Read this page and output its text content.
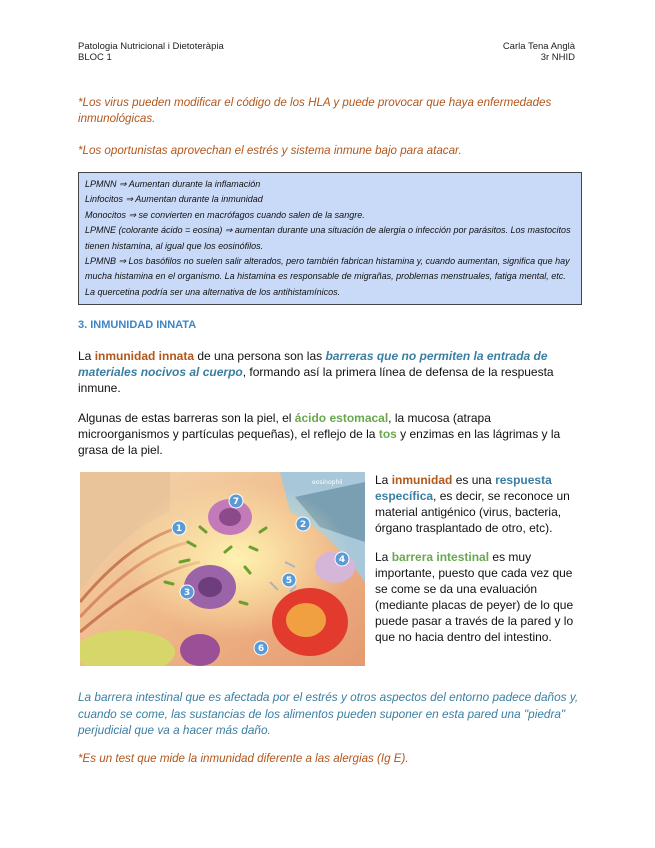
Patologia Nutricional i Dietoteràpia
BLOC 1
Carla Tena Anglà
3r NHID
*Los virus pueden modificar el código de los HLA y puede provocar que haya enfermedades inmunológicas.
*Los oportunistas aprovechan el estrés y sistema inmune bajo para atacar.
LPMNN ⇒ Aumentan durante la inflamación
Linfocitos ⇒ Aumentan durante la inmunidad
Monocitos ⇒ se convierten en macrófagos cuando salen de la sangre.
LPMNE (colorante ácido = eosina) ⇒ aumentan durante una situación de alergia o infección por parásitos. Los mastocitos tienen histamina, al igual que los eosinófilos.
LPMNB ⇒ Los basófilos no suelen salir alterados, pero también fabrican histamina y, cuando aumentan, significa que hay mucha histamina en el organismo. La histamina es responsable de migrañas, problemas menstruales, fatiga mental, etc. La quercetina podría ser una alternativa de los antihistamínicos.
3. INMUNIDAD INNATA
La inmunidad innata de una persona son las barreras que no permiten la entrada de materiales nocivos al cuerpo, formando así la primera línea de defensa de la respuesta inmune.
Algunas de estas barreras son la piel, el ácido estomacal, la mucosa (atrapa microorganismos y partículas pequeñas), el reflejo de la tos y enzimas en las lágrimas y la grasa de la piel.
1	2
3
4
5
6
7
La inmunidad es una respuesta específica, es decir, se reconoce un material antigénico (virus, bacteria, órgano trasplantado de otro, etc).
La barrera intestinal es muy importante, puesto que cada vez que se come se da una evaluación (mediante placas de peyer) de lo que puede pasar a través de la pared y lo que no hacia dentro del intestino.
La barrera intestinal que es afectada por el estrés y otros aspectos del entorno padece daños y, cuando se come, las sustancias de los alimentos pueden suponer en esta pared una "piedra" perjudicial que va a hacer más daño.
*Es un test que mide la inmunidad diferente a las alergias (Ig E).
